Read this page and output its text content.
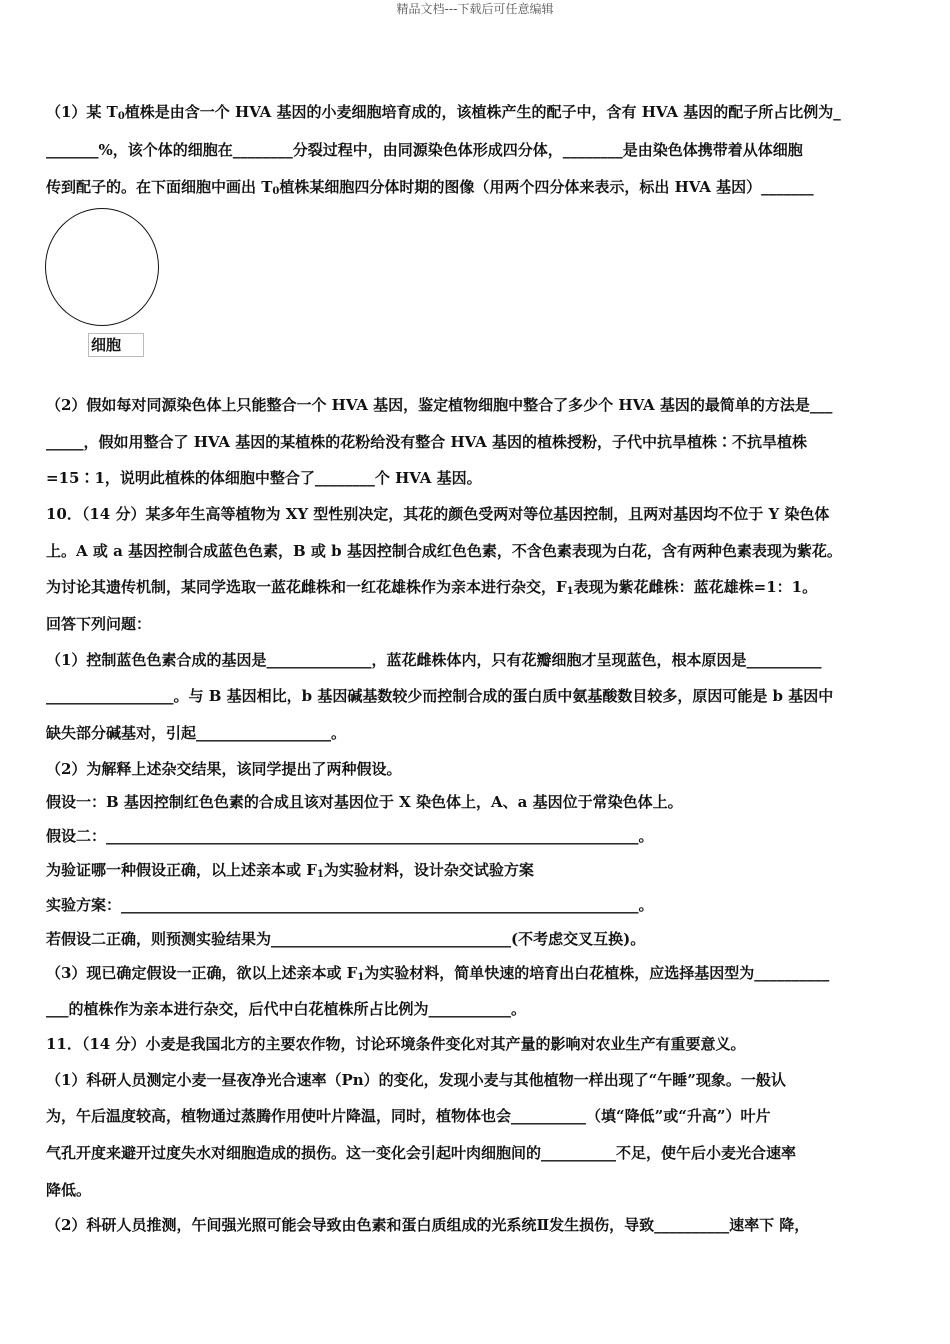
精品文档---下载后可任意编辑
（1）某 $T_0$植株是由含一个 HVA 基因的小麦细胞培育成的，该植株产生的配子中，含有 HVA 基因的配子所占比例为_
_______%，该个体的细胞在________分裂过程中，由同源染色体形成四分体，________是由染色体携带着从体细胞
传到配子的。在下面细胞中画出 $T_0$植株某细胞四分体时期的图像（用两个四分体来表示，标出 HVA 基因）_______
细胞
（2）假如每对同源染色体上只能整合一个 HVA 基因，鉴定植物细胞中整合了多少个 HVA 基因的最简单的方法是___
_____，假如用整合了 HVA 基因的某植株的花粉给没有整合 HVA 基因的植株授粉，子代中抗旱植株∶不抗旱植株
=15∶1，说明此植株的体细胞中整合了________个 HVA 基因。
10．（14 分）某多年生高等植物为 XY 型性别决定，其花的颜色受两对等位基因控制，且两对基因均不位于 Y 染色体
上。A 或 a 基因控制合成蓝色色素，B 或 b 基因控制合成红色色素，不含色素表现为白花，含有两种色素表现为紫花。
为讨论其遗传机制，某同学选取一蓝花雌株和一红花雄株作为亲本进行杂交，$F_1$表现为紫花雌株：蓝花雄株=1：1。
回答下列问题：
（1）控制蓝色色素合成的基因是______________，蓝花雌株体内，只有花瓣细胞才呈现蓝色，根本原因是__________
_________________。与 B 基因相比，b 基因碱基数较少而控制合成的蛋白质中氨基酸数目较多，原因可能是 b 基因中
缺失部分碱基对，引起__________________。
（2）为解释上述杂交结果，该同学提出了两种假设。
假设一：B 基因控制红色色素的合成且该对基因位于 X 染色体上，A、a 基因位于常染色体上。
假设二：_______________________________________________________________________。
为验证哪一种假设正确，以上述亲本或 $F_1$为实验材料，设计杂交试验方案
实验方案：_____________________________________________________________________。
若假设二正确，则预测实验结果为________________________________(不考虑交叉互换)。
（3）现已确定假设一正确，欲以上述亲本或 $F_1$为实验材料，简单快速的培育出白花植株，应选择基因型为__________
___的植株作为亲本进行杂交，后代中白花植株所占比例为___________。
11．（14 分）小麦是我国北方的主要农作物，讨论环境条件变化对其产量的影响对农业生产有重要意义。
（1）科研人员测定小麦一昼夜净光合速率（Pn）的变化，发现小麦与其他植物一样出现了“午睡”现象。一般认
为，午后温度较高，植物通过蒸腾作用使叶片降温，同时，植物体也会__________（填“降低”或“升高”）叶片
气孔开度来避开过度失水对细胞造成的损伤。这一变化会引起叶肉细胞间的__________不足，使午后小麦光合速率
降低。
（2）科研人员推测，午间强光照可能会导致由色素和蛋白质组成的光系统Ⅱ发生损伤，导致__________速率下 降，
